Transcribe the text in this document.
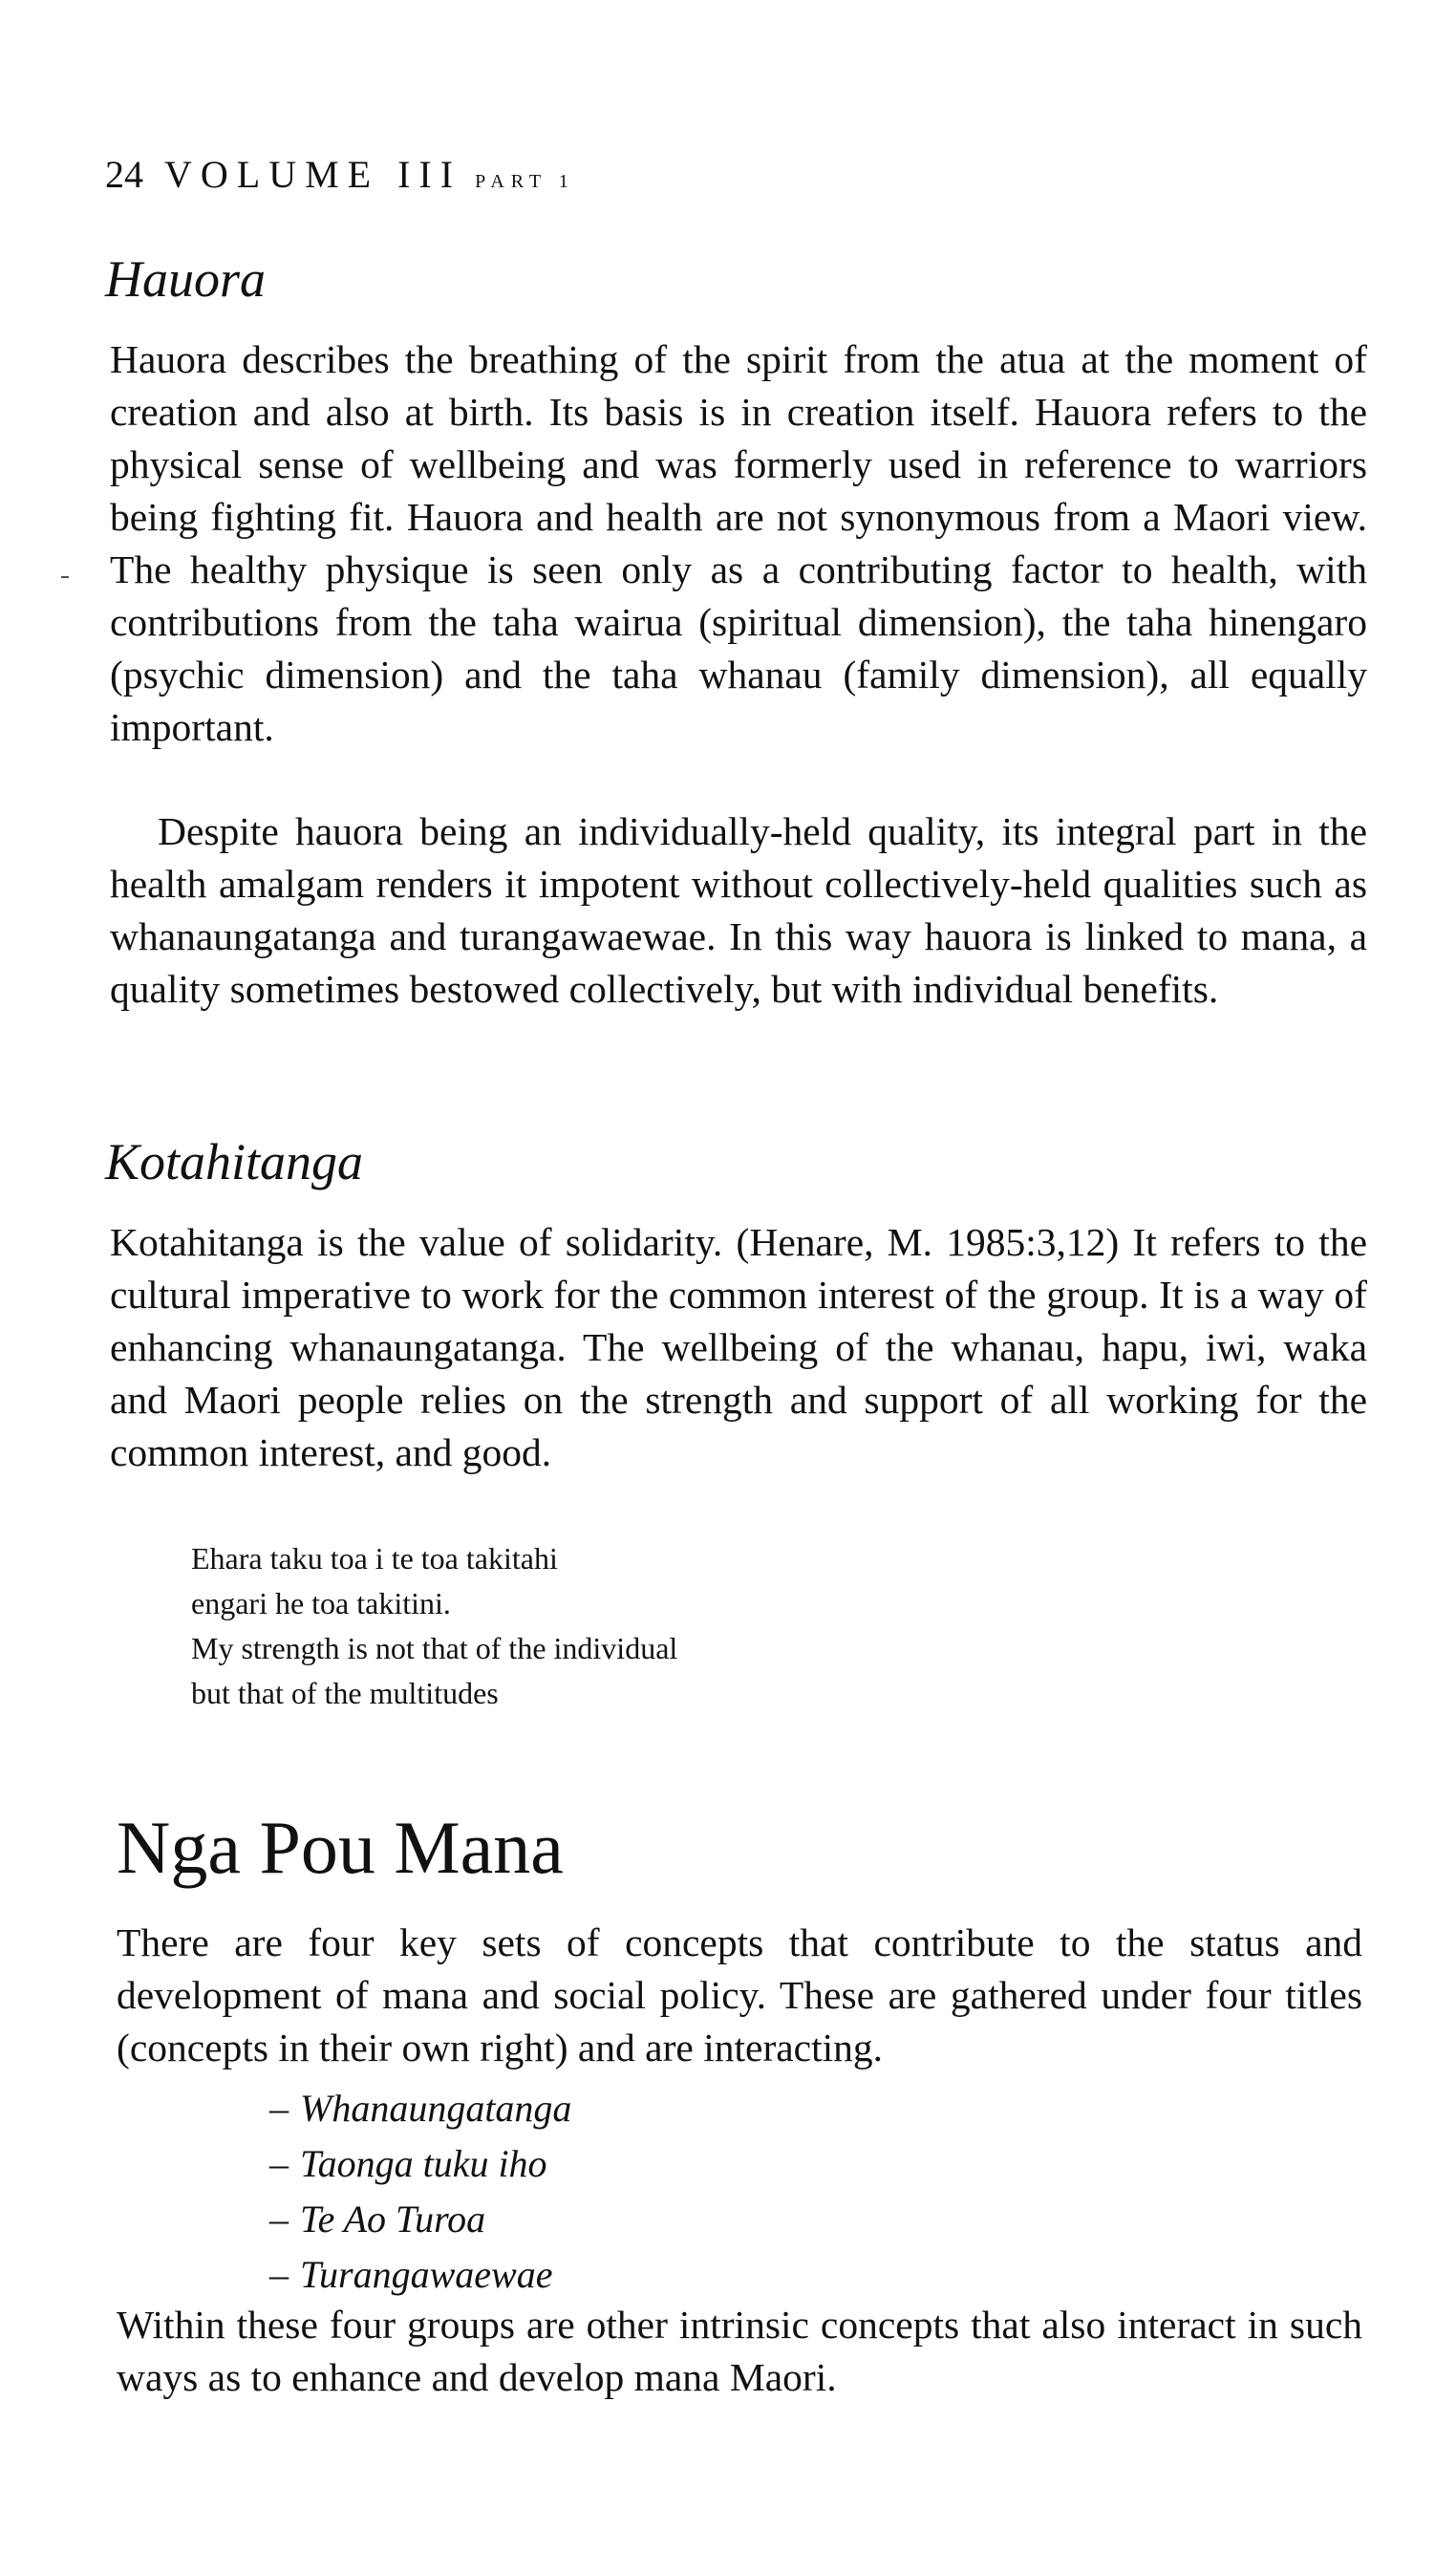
24 VOLUME III PART 1
Hauora
Hauora describes the breathing of the spirit from the atua at the moment of creation and also at birth. Its basis is in creation itself. Hauora refers to the physical sense of wellbeing and was formerly used in reference to warriors being fighting fit. Hauora and health are not synonymous from a Maori view. The healthy physique is seen only as a contributing factor to health, with contributions from the taha wairua (spiritual dimension), the taha hinengaro (psychic dimension) and the taha whanau (family dimension), all equally important.
Despite hauora being an individually-held quality, its integral part in the health amalgam renders it impotent without collectively-held qualities such as whanaungatanga and turangawaewae. In this way hauora is linked to mana, a quality sometimes bestowed collectively, but with individual benefits.
Kotahitanga
Kotahitanga is the value of solidarity. (Henare, M. 1985:3,12) It refers to the cultural imperative to work for the common interest of the group. It is a way of enhancing whanaungatanga. The wellbeing of the whanau, hapu, iwi, waka and Maori people relies on the strength and support of all working for the common interest, and good.
Ehara taku toa i te toa takitahi
engari he toa takitini.
My strength is not that of the individual
but that of the multitudes
Nga Pou Mana
There are four key sets of concepts that contribute to the status and development of mana and social policy. These are gathered under four titles (concepts in their own right) and are interacting.
– Whanaungatanga
– Taonga tuku iho
– Te Ao Turoa
– Turangawaewae
Within these four groups are other intrinsic concepts that also interact in such ways as to enhance and develop mana Maori.
